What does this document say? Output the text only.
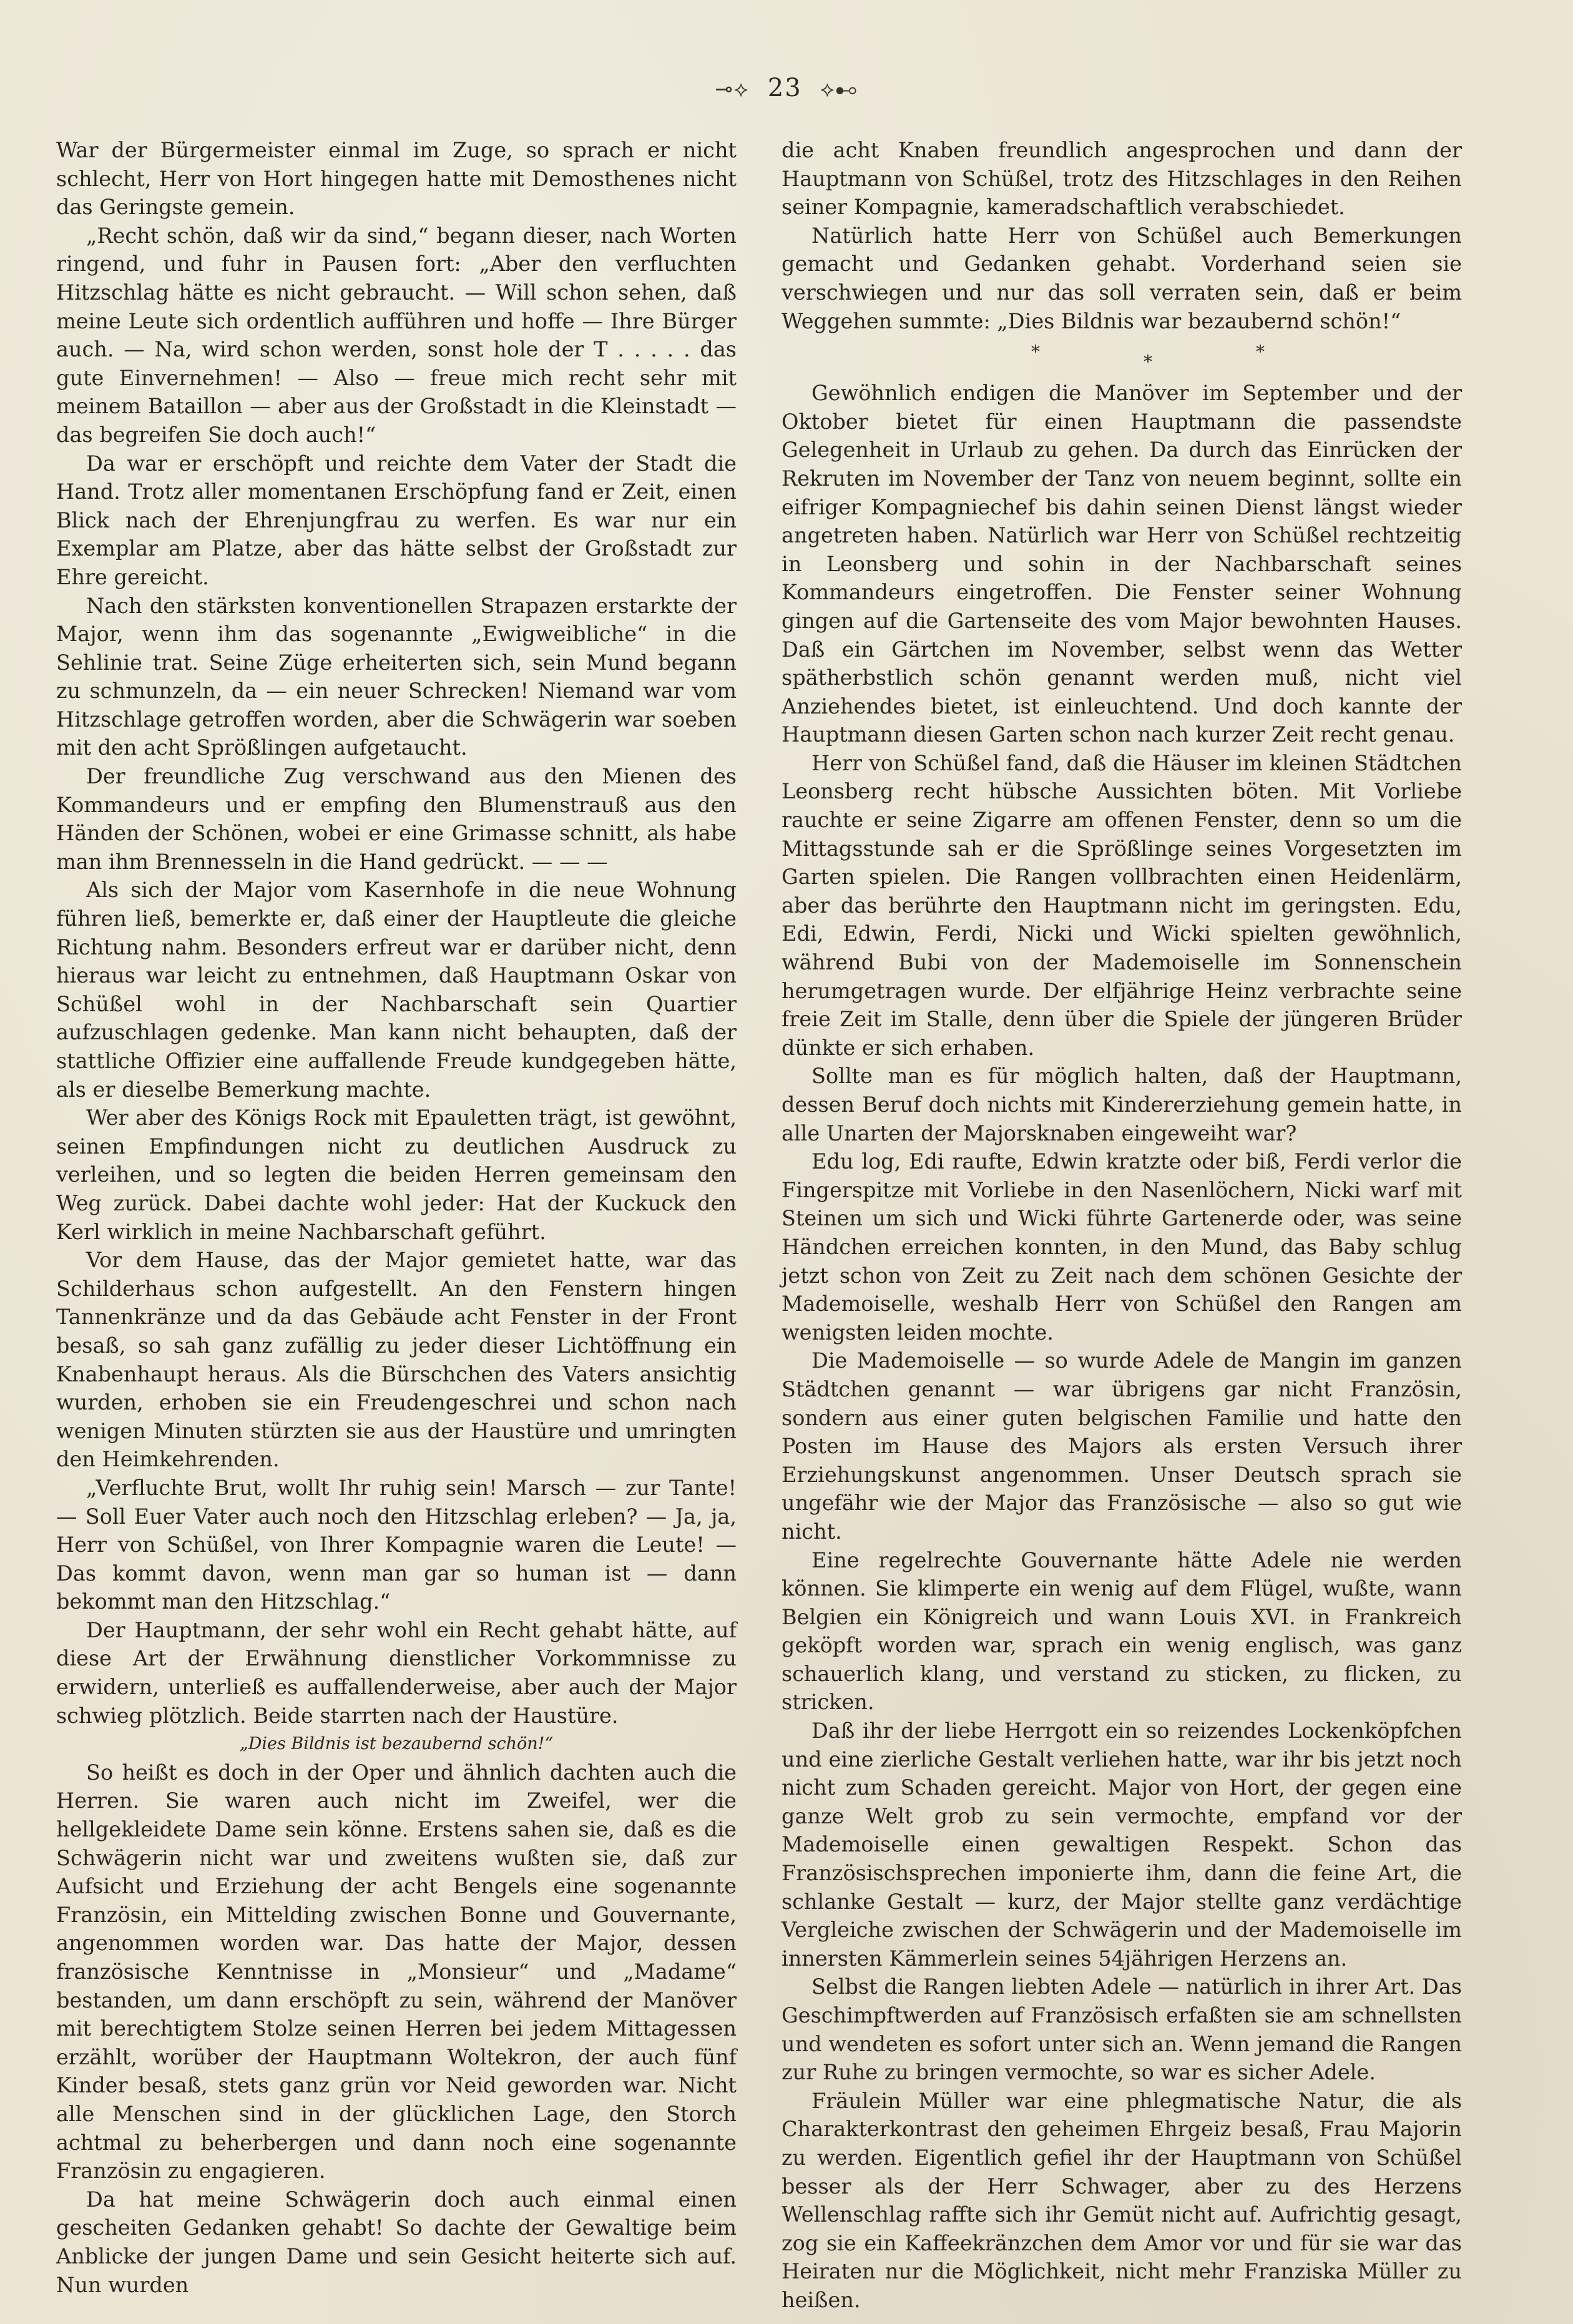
⊸⟡ 23 ⟡⊷

War der Bürgermeister einmal im Zuge, so sprach er nicht schlecht, Herr von Hort hingegen hatte mit Demosthenes nicht das Geringste gemein.

„Recht schön, daß wir da sind,“ begann dieser, nach Worten ringend, und fuhr in Pausen fort: „Aber den verfluchten Hitzschlag hätte es nicht gebraucht. — Will schon sehen, daß meine Leute sich ordentlich aufführen und hoffe — Ihre Bürger auch. — Na, wird schon werden, sonst hole der T . . . . . das gute Einvernehmen! — Also — freue mich recht sehr mit meinem Bataillon — aber aus der Großstadt in die Kleinstadt — das begreifen Sie doch auch!“

Da war er erschöpft und reichte dem Vater der Stadt die Hand. Trotz aller momentanen Erschöpfung fand er Zeit, einen Blick nach der Ehrenjungfrau zu werfen. Es war nur ein Exemplar am Platze, aber das hätte selbst der Großstadt zur Ehre gereicht.

Nach den stärksten konventionellen Strapazen erstarkte der Major, wenn ihm das sogenannte „Ewigweibliche“ in die Sehlinie trat. Seine Züge erheiterten sich, sein Mund begann zu schmunzeln, da — ein neuer Schrecken! Niemand war vom Hitzschlage getroffen worden, aber die Schwägerin war soeben mit den acht Sprößlingen aufgetaucht.

Der freundliche Zug verschwand aus den Mienen des Kommandeurs und er empfing den Blumenstrauß aus den Händen der Schönen, wobei er eine Grimasse schnitt, als habe man ihm Brennesseln in die Hand gedrückt. — — —

Als sich der Major vom Kasernhofe in die neue Wohnung führen ließ, bemerkte er, daß einer der Hauptleute die gleiche Richtung nahm. Besonders erfreut war er darüber nicht, denn hieraus war leicht zu entnehmen, daß Hauptmann Oskar von Schüßel wohl in der Nachbarschaft sein Quartier aufzuschlagen gedenke. Man kann nicht behaupten, daß der stattliche Offizier eine auffallende Freude kundgegeben hätte, als er dieselbe Bemerkung machte.

Wer aber des Königs Rock mit Epauletten trägt, ist gewöhnt, seinen Empfindungen nicht zu deutlichen Ausdruck zu verleihen, und so legten die beiden Herren gemeinsam den Weg zurück. Dabei dachte wohl jeder: Hat der Kuckuck den Kerl wirklich in meine Nachbarschaft geführt.

Vor dem Hause, das der Major gemietet hatte, war das Schilderhaus schon aufgestellt. An den Fenstern hingen Tannenkränze und da das Gebäude acht Fenster in der Front besaß, so sah ganz zufällig zu jeder dieser Lichtöffnung ein Knabenhaupt heraus. Als die Bürschchen des Vaters ansichtig wurden, erhoben sie ein Freudengeschrei und schon nach wenigen Minuten stürzten sie aus der Haustüre und umringten den Heimkehrenden.

„Verfluchte Brut, wollt Ihr ruhig sein! Marsch — zur Tante! — Soll Euer Vater auch noch den Hitzschlag erleben? — Ja, ja, Herr von Schüßel, von Ihrer Kompagnie waren die Leute! — Das kommt davon, wenn man gar so human ist — dann bekommt man den Hitzschlag.“

Der Hauptmann, der sehr wohl ein Recht gehabt hätte, auf diese Art der Erwähnung dienstlicher Vorkommnisse zu erwidern, unterließ es auffallenderweise, aber auch der Major schwieg plötzlich. Beide starrten nach der Haustüre.

„Dies Bildnis ist bezaubernd schön!“

So heißt es doch in der Oper und ähnlich dachten auch die Herren. Sie waren auch nicht im Zweifel, wer die hellgekleidete Dame sein könne. Erstens sahen sie, daß es die Schwägerin nicht war und zweitens wußten sie, daß zur Aufsicht und Erziehung der acht Bengels eine sogenannte Französin, ein Mittelding zwischen Bonne und Gouvernante, angenommen worden war. Das hatte der Major, dessen französische Kenntnisse in „Monsieur“ und „Madame“ bestanden, um dann erschöpft zu sein, während der Manöver mit berechtigtem Stolze seinen Herren bei jedem Mittagessen erzählt, worüber der Hauptmann Woltekron, der auch fünf Kinder besaß, stets ganz grün vor Neid geworden war. Nicht alle Menschen sind in der glücklichen Lage, den Storch achtmal zu beherbergen und dann noch eine sogenannte Französin zu engagieren.

Da hat meine Schwägerin doch auch einmal einen gescheiten Gedanken gehabt! So dachte der Gewaltige beim Anblicke der jungen Dame und sein Gesicht heiterte sich auf. Nun wurden

die acht Knaben freundlich angesprochen und dann der Hauptmann von Schüßel, trotz des Hitzschlages in den Reihen seiner Kompagnie, kameradschaftlich verabschiedet.

Natürlich hatte Herr von Schüßel auch Bemerkungen gemacht und Gedanken gehabt. Vorderhand seien sie verschwiegen und nur das soll verraten sein, daß er beim Weggehen summte: „Dies Bildnis war bezaubernd schön!“

*	*	*

Gewöhnlich endigen die Manöver im September und der Oktober bietet für einen Hauptmann die passendste Gelegenheit in Urlaub zu gehen. Da durch das Einrücken der Rekruten im November der Tanz von neuem beginnt, sollte ein eifriger Kompagniechef bis dahin seinen Dienst längst wieder angetreten haben. Natürlich war Herr von Schüßel rechtzeitig in Leonsberg und sohin in der Nachbarschaft seines Kommandeurs eingetroffen. Die Fenster seiner Wohnung gingen auf die Gartenseite des vom Major bewohnten Hauses. Daß ein Gärtchen im November, selbst wenn das Wetter spätherbstlich schön genannt werden muß, nicht viel Anziehendes bietet, ist einleuchtend. Und doch kannte der Hauptmann diesen Garten schon nach kurzer Zeit recht genau.

Herr von Schüßel fand, daß die Häuser im kleinen Städtchen Leonsberg recht hübsche Aussichten böten. Mit Vorliebe rauchte er seine Zigarre am offenen Fenster, denn so um die Mittagsstunde sah er die Sprößlinge seines Vorgesetzten im Garten spielen. Die Rangen vollbrachten einen Heidenlärm, aber das berührte den Hauptmann nicht im geringsten. Edu, Edi, Edwin, Ferdi, Nicki und Wicki spielten gewöhnlich, während Bubi von der Mademoiselle im Sonnenschein herumgetragen wurde. Der elfjährige Heinz verbrachte seine freie Zeit im Stalle, denn über die Spiele der jüngeren Brüder dünkte er sich erhaben.

Sollte man es für möglich halten, daß der Hauptmann, dessen Beruf doch nichts mit Kindererziehung gemein hatte, in alle Unarten der Majorsknaben eingeweiht war?

Edu log, Edi raufte, Edwin kratzte oder biß, Ferdi verlor die Fingerspitze mit Vorliebe in den Nasenlöchern, Nicki warf mit Steinen um sich und Wicki führte Gartenerde oder, was seine Händchen erreichen konnten, in den Mund, das Baby schlug jetzt schon von Zeit zu Zeit nach dem schönen Gesichte der Mademoiselle, weshalb Herr von Schüßel den Rangen am wenigsten leiden mochte.

Die Mademoiselle — so wurde Adele de Mangin im ganzen Städtchen genannt — war übrigens gar nicht Französin, sondern aus einer guten belgischen Familie und hatte den Posten im Hause des Majors als ersten Versuch ihrer Erziehungskunst angenommen. Unser Deutsch sprach sie ungefähr wie der Major das Französische — also so gut wie nicht.

Eine regelrechte Gouvernante hätte Adele nie werden können. Sie klimperte ein wenig auf dem Flügel, wußte, wann Belgien ein Königreich und wann Louis XVI. in Frankreich geköpft worden war, sprach ein wenig englisch, was ganz schauerlich klang, und verstand zu sticken, zu flicken, zu stricken.

Daß ihr der liebe Herrgott ein so reizendes Lockenköpfchen und eine zierliche Gestalt verliehen hatte, war ihr bis jetzt noch nicht zum Schaden gereicht. Major von Hort, der gegen eine ganze Welt grob zu sein vermochte, empfand vor der Mademoiselle einen gewaltigen Respekt. Schon das Französischsprechen imponierte ihm, dann die feine Art, die schlanke Gestalt — kurz, der Major stellte ganz verdächtige Vergleiche zwischen der Schwägerin und der Mademoiselle im innersten Kämmerlein seines 54jährigen Herzens an.

Selbst die Rangen liebten Adele — natürlich in ihrer Art. Das Geschimpftwerden auf Französisch erfaßten sie am schnellsten und wendeten es sofort unter sich an. Wenn jemand die Rangen zur Ruhe zu bringen vermochte, so war es sicher Adele.

Fräulein Müller war eine phlegmatische Natur, die als Charakterkontrast den geheimen Ehrgeiz besaß, Frau Majorin zu werden. Eigentlich gefiel ihr der Hauptmann von Schüßel besser als der Herr Schwager, aber zu des Herzens Wellenschlag raffte sich ihr Gemüt nicht auf. Aufrichtig gesagt, zog sie ein Kaffeekränzchen dem Amor vor und für sie war das Heiraten nur die Möglichkeit, nicht mehr Franziska Müller zu heißen.
